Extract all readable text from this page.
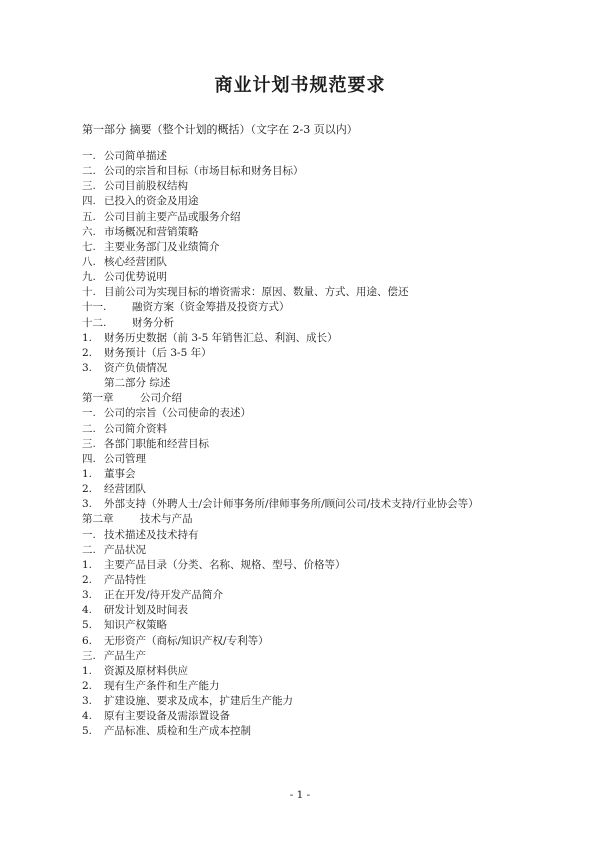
商业计划书规范要求
第一部分 摘要（整个计划的概括）（文字在 2-3 页以内）
一. 公司简单描述
二. 公司的宗旨和目标（市场目标和财务目标）
三. 公司目前股权结构
四. 已投入的资金及用途
五. 公司目前主要产品或服务介绍
六. 市场概况和营销策略
七. 主要业务部门及业绩简介
八. 核心经营团队
九. 公司优势说明
十. 目前公司为实现目标的增资需求：原因、数量、方式、用途、偿还
十一.	融资方案（资金筹措及投资方式）
十二.	财务分析
1.	财务历史数据（前 3-5 年销售汇总、利润、成长）
2.	财务预计（后 3-5 年）
3.	资产负债情况
第二部分 综述
第一章	公司介绍
一. 公司的宗旨（公司使命的表述）
二. 公司简介资料
三. 各部门职能和经营目标
四. 公司管理
1.	董事会
2.	经营团队
3.	外部支持（外聘人士/会计师事务所/律师事务所/顾问公司/技术支持/行业协会等）
第二章	技术与产品
一. 技术描述及技术持有
二. 产品状况
1.	主要产品目录（分类、名称、规格、型号、价格等）
2.	产品特性
3.	正在开发/待开发产品简介
4.	研发计划及时间表
5.	知识产权策略
6.	无形资产（商标/知识产权/专利等）
三. 产品生产
1.	资源及原材料供应
2.	现有生产条件和生产能力
3.	扩建设施、要求及成本，扩建后生产能力
4.	原有主要设备及需添置设备
5.	产品标准、质检和生产成本控制
- 1 -
